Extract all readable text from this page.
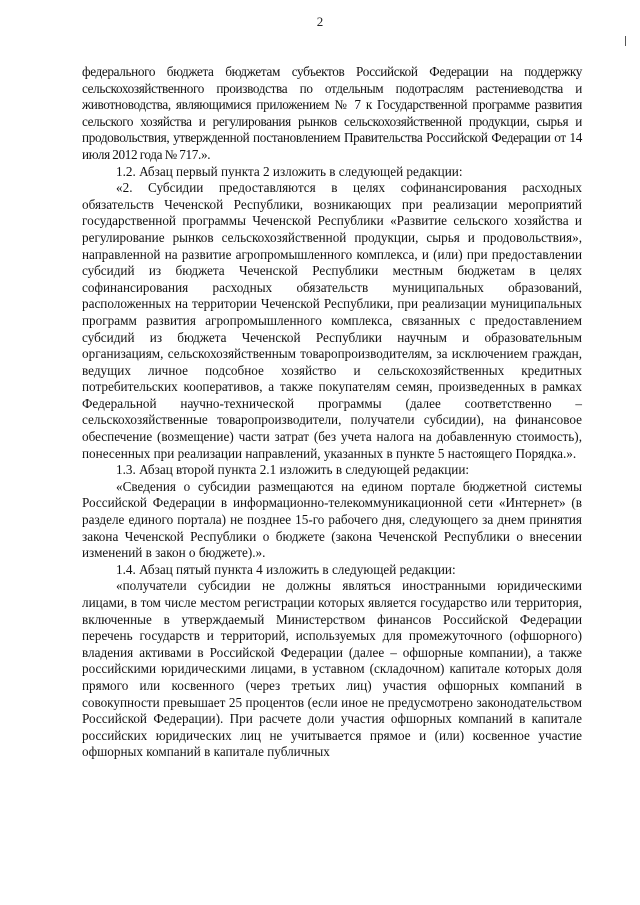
2

федерального бюджета бюджетам субъектов Российской Федерации на поддержку сельскохозяйственного производства по отдельным подотраслям растениеводства и животноводства, являющимися приложением № 7 к Государственной программе развития сельского хозяйства и регулирования рынков сельскохозяйственной продукции, сырья и продовольствия, утвержденной постановлением Правительства Российской Федерации от 14 июля 2012 года № 717.».

1.2. Абзац первый пункта 2 изложить в следующей редакции:

«2. Субсидии предоставляются в целях софинансирования расходных обязательств Чеченской Республики, возникающих при реализации мероприятий государственной программы Чеченской Республики «Развитие сельского хозяйства и регулирование рынков сельскохозяйственной продукции, сырья и продовольствия», направленной на развитие агропромышленного комплекса, и (или) при предоставлении субсидий из бюджета Чеченской Республики местным бюджетам в целях софинансирования расходных обязательств муниципальных образований, расположенных на территории Чеченской Республики, при реализации муниципальных программ развития агропромышленного комплекса, связанных с предоставлением субсидий из бюджета Чеченской Республики научным и образовательным организациям, сельскохозяйственным товаропроизводителям, за исключением граждан, ведущих личное подсобное хозяйство и сельскохозяйственных кредитных потребительских кооперативов, а также покупателям семян, произведенных в рамках Федеральной научно-технической программы (далее соответственно – сельскохозяйственные товаропроизводители, получатели субсидии), на финансовое обеспечение (возмещение) части затрат (без учета налога на добавленную стоимость), понесенных при реализации направлений, указанных в пункте 5 настоящего Порядка.».

1.3. Абзац второй пункта 2.1 изложить в следующей редакции:

«Сведения о субсидии размещаются на едином портале бюджетной системы Российской Федерации в информационно-телекоммуникационной сети «Интернет» (в разделе единого портала) не позднее 15-го рабочего дня, следующего за днем принятия закона Чеченской Республики о бюджете (закона Чеченской Республики о внесении изменений в закон о бюджете).».

1.4. Абзац пятый пункта 4 изложить в следующей редакции:

«получатели субсидии не должны являться иностранными юридическими лицами, в том числе местом регистрации которых является государство или территория, включенные в утверждаемый Министерством финансов Российской Федерации перечень государств и территорий, используемых для промежуточного (офшорного) владения активами в Российской Федерации (далее – офшорные компании), а также российскими юридическими лицами, в уставном (складочном) капитале которых доля прямого или косвенного (через третьих лиц) участия офшорных компаний в совокупности превышает 25 процентов (если иное не предусмотрено законодательством Российской Федерации). При расчете доли участия офшорных компаний в капитале российских юридических лиц не учитывается прямое и (или) косвенное участие офшорных компаний в капитале публичных
